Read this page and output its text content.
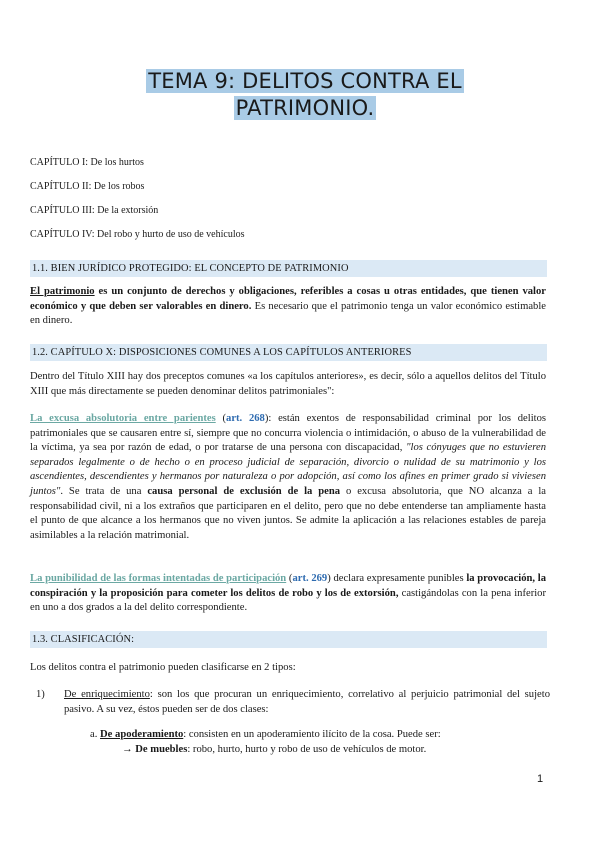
TEMA 9: DELITOS CONTRA EL
PATRIMONIO.
CAPÍTULO I: De los hurtos
CAPÍTULO II: De los robos
CAPÍTULO III: De la extorsión
CAPÍTULO IV: Del robo y hurto de uso de vehículos
1.1. BIEN JURÍDICO PROTEGIDO: EL CONCEPTO DE PATRIMONIO

El patrimonio es un conjunto de derechos y obligaciones, referibles a cosas u otras entidades, que tienen valor económico y que deben ser valorables en dinero. Es necesario que el patrimonio tenga un valor económico estimable en dinero.

1.2. CAPÍTULO X: DISPOSICIONES COMUNES A LOS CAPÍTULOS ANTERIORES

Dentro del Título XIII hay dos preceptos comunes «a los capítulos anteriores», es decir, sólo a aquellos delitos del Título XIII que más directamente se pueden denominar delitos patrimoniales":

La excusa absolutoria entre parientes (art. 268): están exentos de responsabilidad criminal por los delitos patrimoniales que se causaren entre sí, siempre que no concurra violencia o intimidación, o abuso de la vulnerabilidad de la víctima, ya sea por razón de edad, o por tratarse de una persona con discapacidad, "los cónyuges que no estuvieren separados legalmente o de hecho o en proceso judicial de separación, divorcio o nulidad de su matrimonio y los ascendientes, descendientes y hermanos por naturaleza o por adopción, así como los afines en primer grado si viviesen juntos". Se trata de una causa personal de exclusión de la pena o excusa absolutoria, que NO alcanza a la responsabilidad civil, ni a los extraños que participaren en el delito, pero que no debe entenderse tan ampliamente hasta el punto de que alcance a los hermanos que no viven juntos. Se admite la aplicación a las relaciones estables de pareja asimilables a la relación matrimonial.

La punibilidad de las formas intentadas de participación (art. 269) declara expresamente punibles la provocación, la conspiración y la proposición para cometer los delitos de robo y los de extorsión, castigándolas con la pena inferior en uno a dos grados a la del delito correspondiente.

1.3. CLASIFICACIÓN:

Los delitos contra el patrimonio pueden clasificarse en 2 tipos:

1) De enriquecimiento: son los que procuran un enriquecimiento, correlativo al perjuicio patrimonial del sujeto pasivo. A su vez, éstos pueden ser de dos clases:
a. De apoderamiento: consisten en un apoderamiento ilícito de la cosa. Puede ser:
→ De muebles: robo, hurto, hurto y robo de uso de vehículos de motor.
1
